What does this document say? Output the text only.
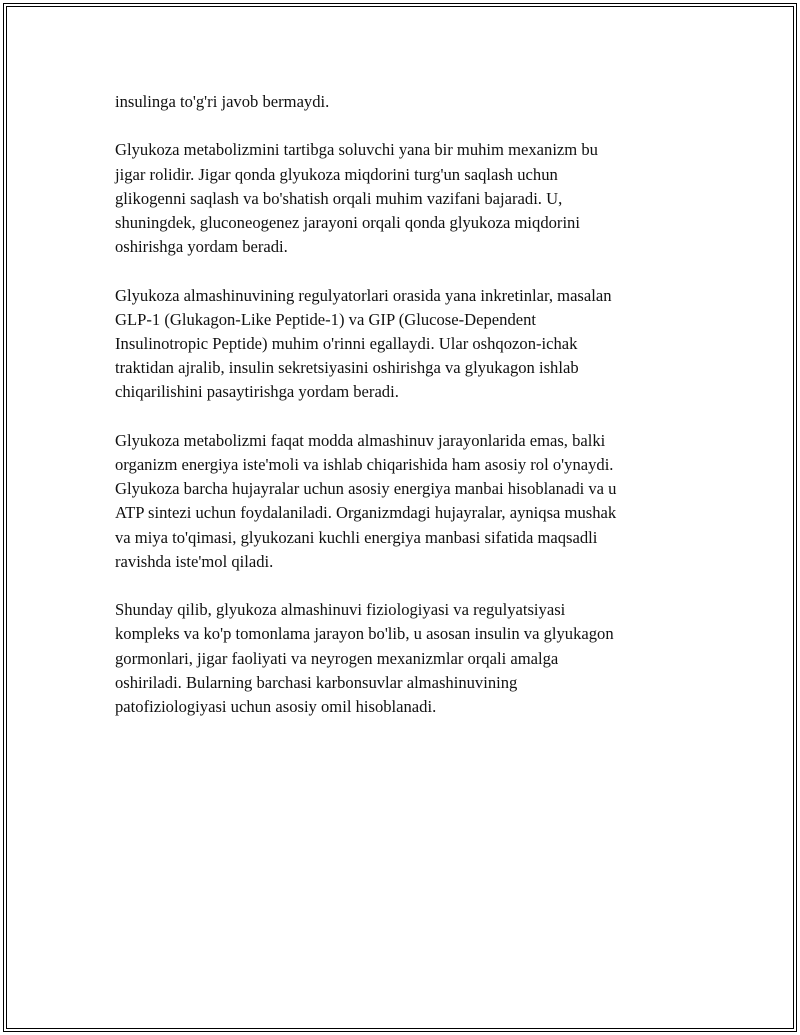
insulinga to'g'ri javob bermaydi.

Glyukoza metabolizmini tartibga soluvchi yana bir muhim mexanizm bu
jigar rolidir. Jigar qonda glyukoza miqdorini turg'un saqlash uchun
glikogenni saqlash va bo'shatish orqali muhim vazifani bajaradi. U,
shuningdek, gluconeogenez jarayoni orqali qonda glyukoza miqdorini
oshirishga yordam beradi.

Glyukoza almashinuvining regulyatorlari orasida yana inkretinlar, masalan
GLP-1 (Glukagon-Like Peptide-1) va GIP (Glucose-Dependent
Insulinotropic Peptide) muhim o'rinni egallaydi. Ular oshqozon-ichak
traktidan ajralib, insulin sekretsiyasini oshirishga va glyukagon ishlab
chiqarilishini pasaytirishga yordam beradi.

Glyukoza metabolizmi faqat modda almashinuv jarayonlarida emas, balki
organizm energiya iste'moli va ishlab chiqarishida ham asosiy rol o'ynaydi.
Glyukoza barcha hujayralar uchun asosiy energiya manbai hisoblanadi va u
ATP sintezi uchun foydalaniladi. Organizmdagi hujayralar, ayniqsa mushak
va miya to'qimasi, glyukozani kuchli energiya manbasi sifatida maqsadli
ravishda iste'mol qiladi.

Shunday qilib, glyukoza almashinuvi fiziologiyasi va regulyatsiyasi
kompleks va ko'p tomonlama jarayon bo'lib, u asosan insulin va glyukagon
gormonlari, jigar faoliyati va neyrogen mexanizmlar orqali amalga
oshiriladi. Bularning barchasi karbonsuvlar almashinuvining
patofiziologiyasi uchun asosiy omil hisoblanadi.
